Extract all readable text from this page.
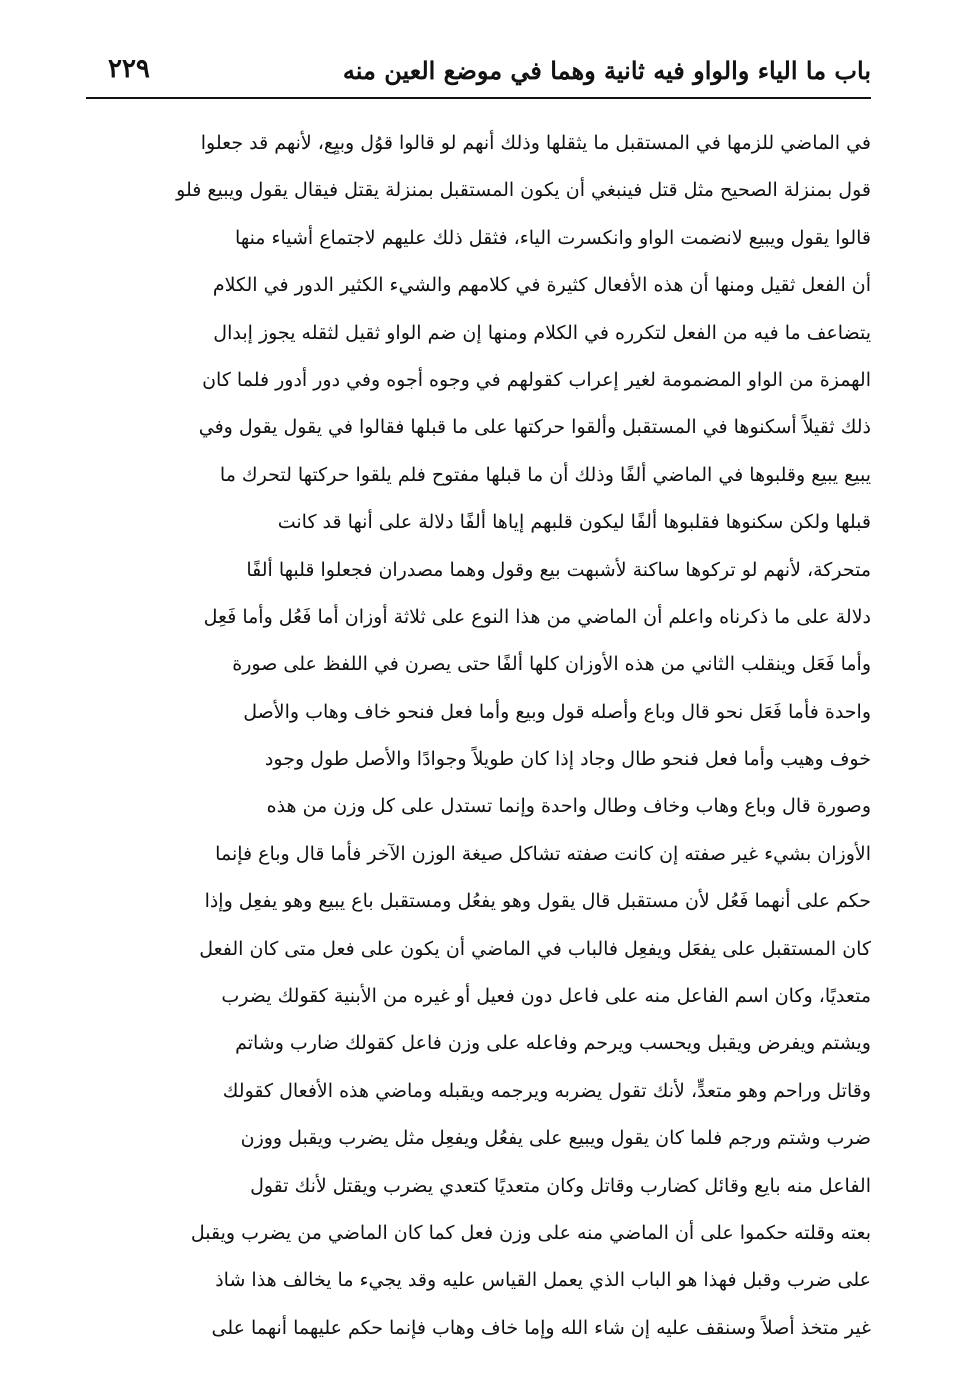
باب ما الياء والواو فيه ثانية وهما في موضع العين منه
٢٢٩
في الماضي للزمها في المستقبل ما يثقلها وذلك أنهم لو قالوا قوُل وبيِع، لأنهم قد جعلوا
قول بمنزلة الصحيح مثل قتل فينبغي أن يكون المستقبل بمنزلة يقتل فيقال يقول ويبيع فلو
قالوا يقول ويبيع لانضمت الواو وانكسرت الياء، فثقل ذلك عليهم لاجتماع أشياء منها
أن الفعل ثقيل ومنها أن هذه الأفعال كثيرة في كلامهم والشيء الكثير الدور في الكلام
يتضاعف ما فيه من الفعل لتكرره في الكلام ومنها إن ضم الواو ثقيل لثقله يجوز إبدال
الهمزة من الواو المضمومة لغير إعراب كقولهم في وجوه أجوه وفي دور أدور فلما كان
ذلك ثقيلاً أسكنوها في المستقبل وألقوا حركتها على ما قبلها فقالوا في يقول يقول وفي
يبيع يبيع وقلبوها في الماضي ألفًا وذلك أن ما قبلها مفتوح فلم يلقوا حركتها لتحرك ما
قبلها ولكن سكنوها فقلبوها ألفًا ليكون قلبهم إياها ألفًا دلالة على أنها قد كانت
متحركة، لأنهم لو تركوها ساكنة لأشبهت بيع وقول وهما مصدران فجعلوا قلبها ألفًا
دلالة على ما ذكرناه واعلم أن الماضي من هذا النوع على ثلاثة أوزان أما فَعُل وأما فَعِل
وأما فَعَل وينقلب الثاني من هذه الأوزان كلها ألفًا حتى يصرن في اللفظ على صورة
واحدة فأما فَعَل نحو قال وباع وأصله قول وبيع وأما فعل فنحو خاف وهاب والأصل
خوف وهيب وأما فعل فنحو طال وجاد إذا كان طويلاً وجوادًا والأصل طول وجود
وصورة قال وباع وهاب وخاف وطال واحدة وإنما تستدل على كل وزن من هذه
الأوزان بشيء غير صفته إن كانت صفته تشاكل صيغة الوزن الآخر فأما قال وباع فإنما
حكم على أنهما فَعُل لأن مستقبل قال يقول وهو يفعُل ومستقبل باع يبيع وهو يفعِل وإذا
كان المستقبل على يفعَل ويفعِل فالباب في الماضي أن يكون على فعل متى كان الفعل
متعديًا، وكان اسم الفاعل منه على فاعل دون فعيل أو غيره من الأبنية كقولك يضرب
ويشتم ويفرض ويقبل ويحسب ويرحم وفاعله على وزن فاعل كقولك ضارب وشاتم
وقاتل وراحم وهو متعدٍّ، لأنك تقول يضربه ويرجمه ويقبله وماضي هذه الأفعال كقولك
ضرب وشتم ورجم فلما كان يقول ويبيع على يفعُل ويفعِل مثل يضرب ويقبل ووزن
الفاعل منه بايع وقائل كضارب وقاتل وكان متعديًا كتعدي يضرب ويقتل لأنك تقول
بعته وقلته حكموا على أن الماضي منه على وزن فعل كما كان الماضي من يضرب ويقبل
على ضرب وقبل فهذا هو الباب الذي يعمل القياس عليه وقد يجيء ما يخالف هذا شاذ
غير متخذ أصلاً وسنقف عليه إن شاء الله وإما خاف وهاب فإنما حكم عليهما أنهما على
